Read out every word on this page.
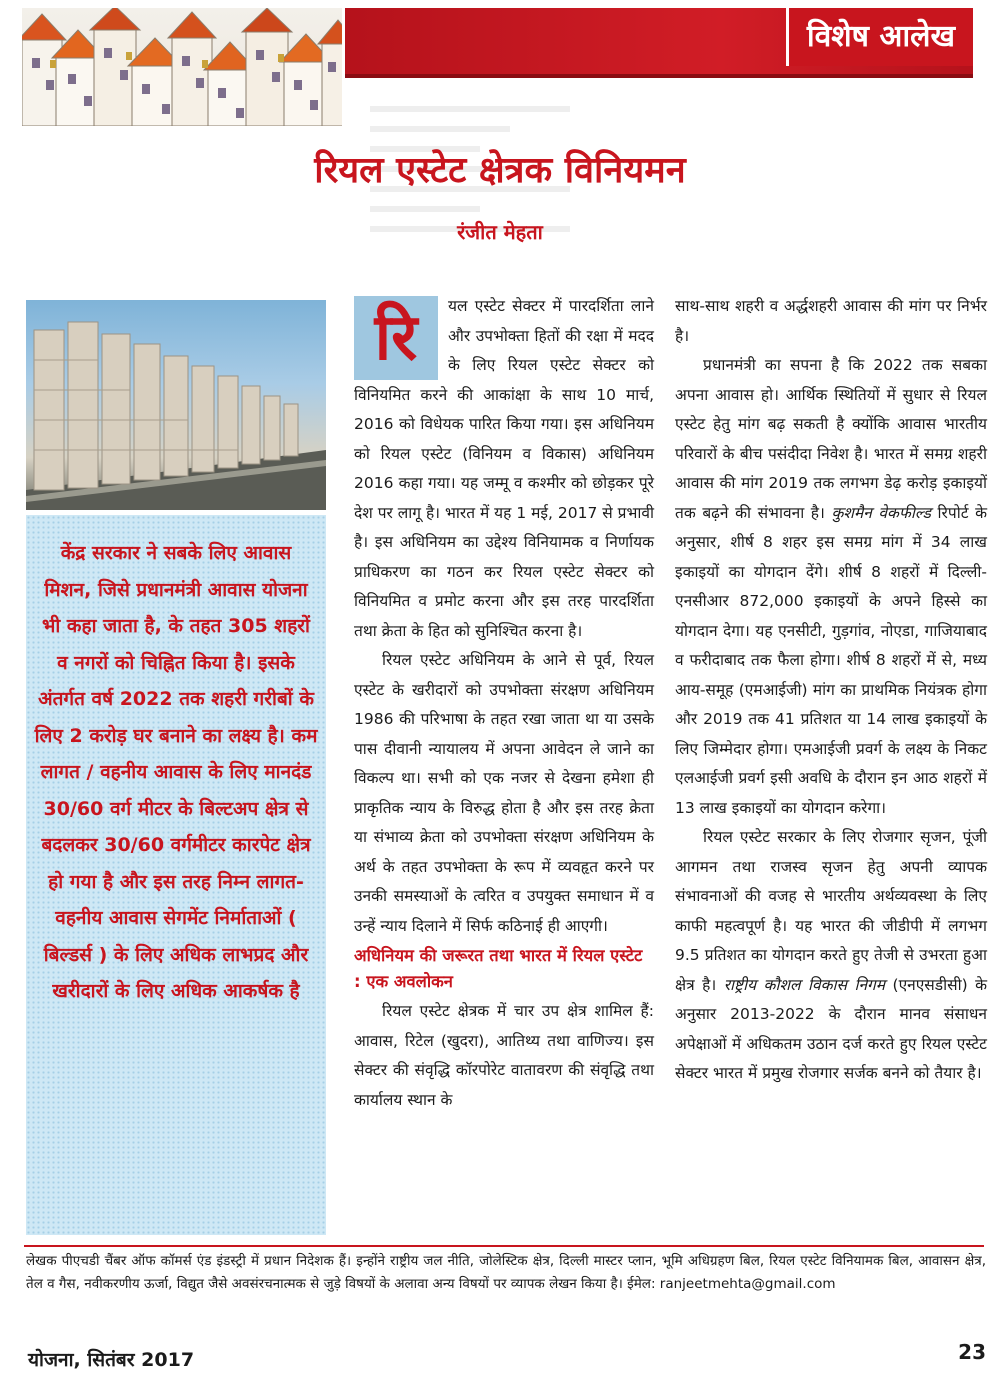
विशेष आलेख
रियल एस्टेट क्षेत्रक विनियमन
रंजीत मेहता

केंद्र सरकार ने सबके लिए आवास मिशन, जिसे प्रधानमंत्री आवास योजना भी कहा जाता है, के तहत 305 शहरों व नगरों को चिह्नित किया है। इसके अंतर्गत वर्ष 2022 तक शहरी गरीबों के लिए 2 करोड़ घर बनाने का लक्ष्य है। कम लागत / वहनीय आवास के लिए मानदंड 30/60 वर्ग मीटर के बिल्टअप क्षेत्र से बदलकर 30/60 वर्गमीटर कारपेट क्षेत्र हो गया है और इस तरह निम्न लागत-वहनीय आवास सेगमेंट निर्माताओं ( बिल्डर्स ) के लिए अधिक लाभप्रद और खरीदारों के लिए अधिक आकर्षक है

रि	यल एस्टेट सेक्टर में पारदर्शिता लाने और उपभोक्ता हितों की रक्षा में मदद के लिए रियल एस्टेट सेक्टर को विनियमित करने की आकांक्षा के साथ 10 मार्च, 2016 को विधेयक पारित किया गया। इस अधिनियम को रियल एस्टेट (विनियम व विकास) अधिनियम 2016 कहा गया। यह जम्मू व कश्मीर को छोड़कर पूरे देश पर लागू है। भारत में यह 1 मई, 2017 से प्रभावी है। इस अधिनियम का उद्देश्य विनियामक व निर्णायक प्राधिकरण का गठन कर रियल एस्टेट सेक्टर को विनियमित व प्रमोट करना और इस तरह पारदर्शिता तथा क्रेता के हित को सुनिश्चित करना है।

रियल एस्टेट अधिनियम के आने से पूर्व, रियल एस्टेट के खरीदारों को उपभोक्ता संरक्षण अधिनियम 1986 की परिभाषा के तहत रखा जाता था या उसके पास दीवानी न्यायालय में अपना आवेदन ले जाने का विकल्प था। सभी को एक नजर से देखना हमेशा ही प्राकृतिक न्याय के विरुद्ध होता है और इस तरह क्रेता या संभाव्य क्रेता को उपभोक्ता संरक्षण अधिनियम के अर्थ के तहत उपभोक्ता के रूप में व्यवहृत करने पर उनकी समस्याओं के त्वरित व उपयुक्त समाधान में व उन्हें न्याय दिलाने में सिर्फ कठिनाई ही आएगी।

अधिनियम की जरूरत तथा भारत में रियल एस्टेट : एक अवलोकन

रियल एस्टेट क्षेत्रक में चार उप क्षेत्र शामिल हैं: आवास, रिटेल (खुदरा), आतिथ्य तथा वाणिज्य। इस सेक्टर की संवृद्धि कॉरपोरेट वातावरण की संवृद्धि तथा कार्यालय स्थान के

साथ-साथ शहरी व अर्द्धशहरी आवास की मांग पर निर्भर है।

प्रधानमंत्री का सपना है कि 2022 तक सबका अपना आवास हो। आर्थिक स्थितियों में सुधार से रियल एस्टेट हेतु मांग बढ़ सकती है क्योंकि आवास भारतीय परिवारों के बीच पसंदीदा निवेश है। भारत में समग्र शहरी आवास की मांग 2019 तक लगभग डेढ़ करोड़ इकाइयों तक बढ़ने की संभावना है। कुशमैन वेकफील्ड रिपोर्ट के अनुसार, शीर्ष 8 शहर इस समग्र मांग में 34 लाख इकाइयों का योगदान देंगे। शीर्ष 8 शहरों में दिल्ली-एनसीआर 872,000 इकाइयों के अपने हिस्से का योगदान देगा। यह एनसीटी, गुड़गांव, नोएडा, गाजियाबाद व फरीदाबाद तक फैला होगा। शीर्ष 8 शहरों में से, मध्य आय-समूह (एमआईजी) मांग का प्राथमिक नियंत्रक होगा और 2019 तक 41 प्रतिशत या 14 लाख इकाइयों के लिए जिम्मेदार होगा। एमआईजी प्रवर्ग के लक्ष्य के निकट एलआईजी प्रवर्ग इसी अवधि के दौरान इन आठ शहरों में 13 लाख इकाइयों का योगदान करेगा।

रियल एस्टेट सरकार के लिए रोजगार सृजन, पूंजी आगमन तथा राजस्व सृजन हेतु अपनी व्यापक संभावनाओं की वजह से भारतीय अर्थव्यवस्था के लिए काफी महत्वपूर्ण है। यह भारत की जीडीपी में लगभग 9.5 प्रतिशत का योगदान करते हुए तेजी से उभरता हुआ क्षेत्र है। राष्ट्रीय कौशल विकास निगम (एनएसडीसी) के अनुसार 2013-2022 के दौरान मानव संसाधन अपेक्षाओं में अधिकतम उठान दर्ज करते हुए रियल एस्टेट सेक्टर भारत में प्रमुख रोजगार सर्जक बनने को तैयार है।

लेखक पीएचडी चैंबर ऑफ कॉमर्स एंड इंडस्ट्री में प्रधान निदेशक हैं। इन्होंने राष्ट्रीय जल नीति, जोलेस्टिक क्षेत्र, दिल्ली मास्टर प्लान, भूमि अधिग्रहण बिल, रियल एस्टेट विनियामक बिल, आवासन क्षेत्र, तेल व गैस, नवीकरणीय ऊर्जा, विद्युत जैसे अवसंरचनात्मक से जुड़े विषयों के अलावा अन्य विषयों पर व्यापक लेखन किया है। ईमेल: ranjeetmehta@gmail.com

योजना, सितंबर 2017	23
